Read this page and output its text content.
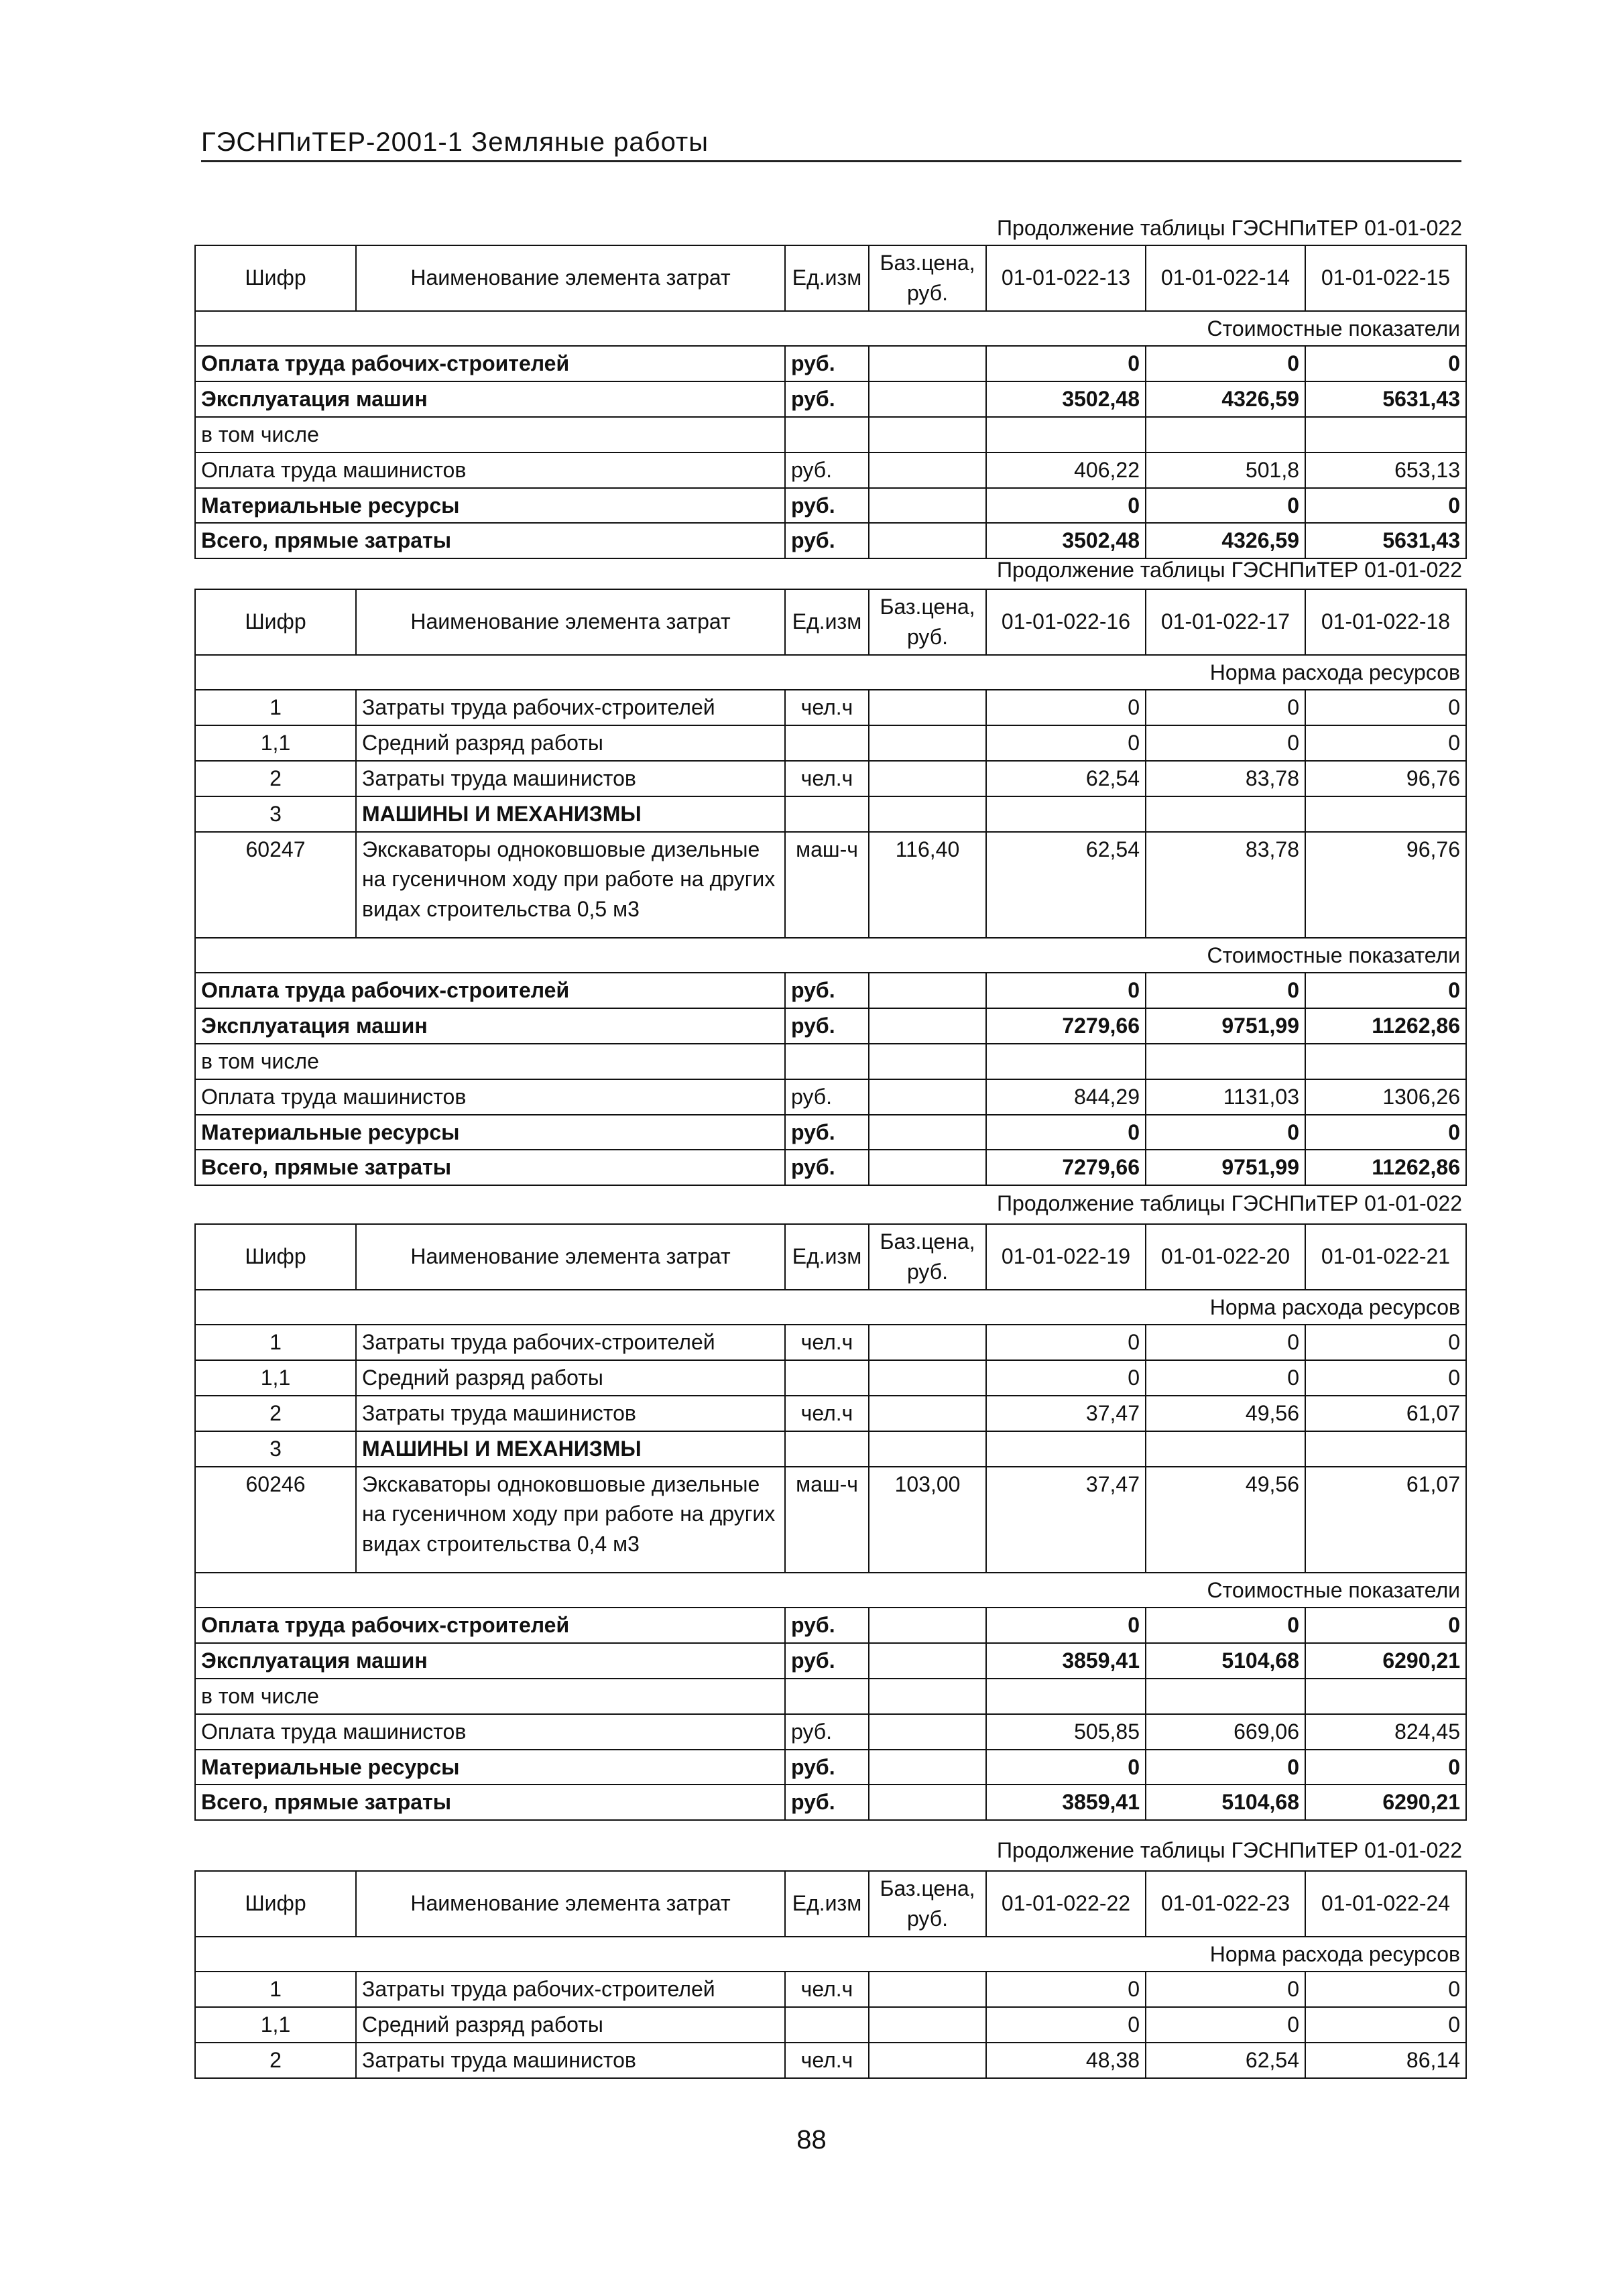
ГЭСНПиТЕР-2001-1 Земляные работы
Продолжение таблицы ГЭСНПиТЕР 01-01-022
Продолжение таблицы ГЭСНПиТЕР 01-01-022
Продолжение таблицы ГЭСНПиТЕР 01-01-022
Продолжение таблицы ГЭСНПиТЕР 01-01-022
Шифр	Наименование элемента затрат	Ед.изм	Баз.цена, руб.	01-01-022-13	01-01-022-14	01-01-022-15
Стоимостные показатели						
Оплата труда рабочих-строителей		руб.		0	0	0
Эксплуатация машин		руб.		3502,48	4326,59	5631,43
в том числе						
Оплата труда машинистов		руб.		406,22	501,8	653,13
Материальные ресурсы		руб.		0	0	0
Всего, прямые затраты		руб.		3502,48	4326,59	5631,43
Шифр	Наименование элемента затрат	Ед.изм	Баз.цена, руб.	01-01-022-16	01-01-022-17	01-01-022-18
Норма расхода ресурсов						
1	Затраты труда рабочих-строителей	чел.ч		0	0	0
1,1	Средний разряд работы			0	0	0
2	Затраты труда машинистов	чел.ч		62,54	83,78	96,76
3	МАШИНЫ И МЕХАНИЗМЫ					
60247	Экскаваторы одноковшовые дизельные на гусеничном ходу при работе на других видах строительства 0,5 м3	маш-ч	116,40	62,54	83,78	96,76
Стоимостные показатели						
Оплата труда рабочих-строителей		руб.		0	0	0
Эксплуатация машин		руб.		7279,66	9751,99	11262,86
в том числе						
Оплата труда машинистов		руб.		844,29	1131,03	1306,26
Материальные ресурсы		руб.		0	0	0
Всего, прямые затраты		руб.		7279,66	9751,99	11262,86
Шифр	Наименование элемента затрат	Ед.изм	Баз.цена, руб.	01-01-022-19	01-01-022-20	01-01-022-21
Норма расхода ресурсов						
1	Затраты труда рабочих-строителей	чел.ч		0	0	0
1,1	Средний разряд работы			0	0	0
2	Затраты труда машинистов	чел.ч		37,47	49,56	61,07
3	МАШИНЫ И МЕХАНИЗМЫ					
60246	Экскаваторы одноковшовые дизельные на гусеничном ходу при работе на других видах строительства 0,4 м3	маш-ч	103,00	37,47	49,56	61,07
Стоимостные показатели						
Оплата труда рабочих-строителей		руб.		0	0	0
Эксплуатация машин		руб.		3859,41	5104,68	6290,21
в том числе						
Оплата труда машинистов		руб.		505,85	669,06	824,45
Материальные ресурсы		руб.		0	0	0
Всего, прямые затраты		руб.		3859,41	5104,68	6290,21
Шифр	Наименование элемента затрат	Ед.изм	Баз.цена, руб.	01-01-022-22	01-01-022-23	01-01-022-24
Норма расхода ресурсов						
1	Затраты труда рабочих-строителей	чел.ч		0	0	0
1,1	Средний разряд работы			0	0	0
2	Затраты труда машинистов	чел.ч		48,38	62,54	86,14
88
